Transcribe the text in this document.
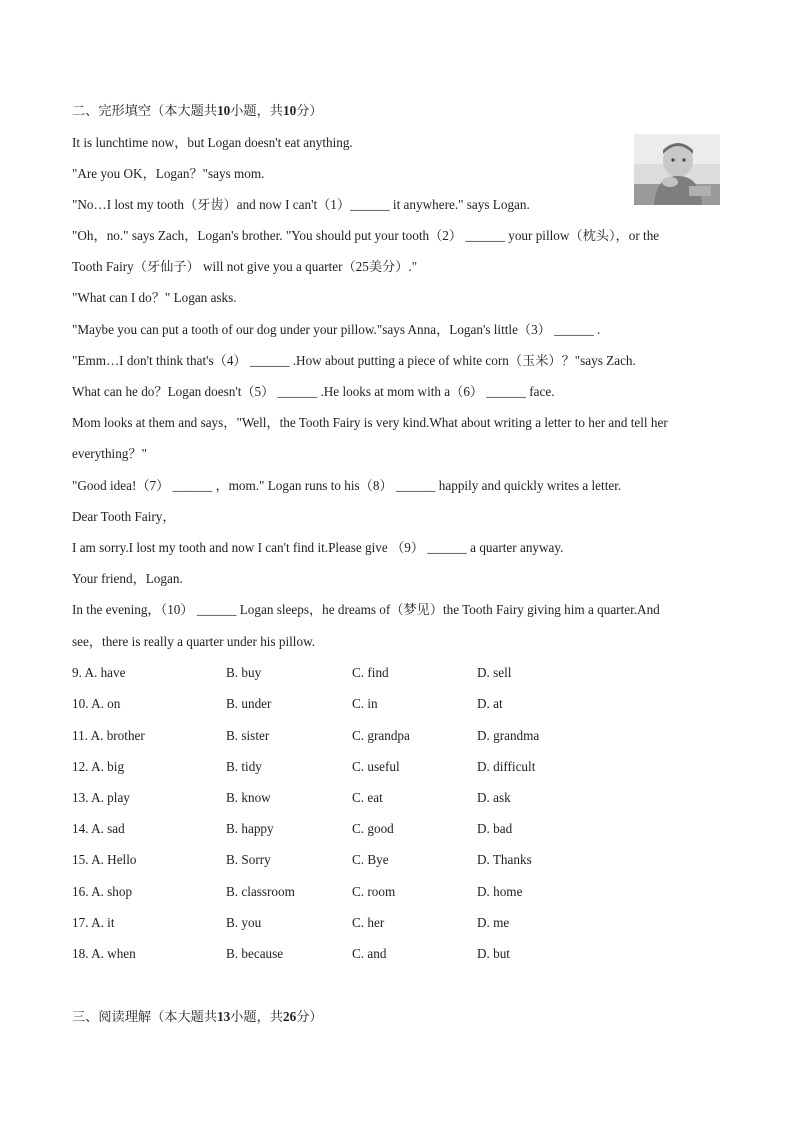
二、完形填空（本大题共10小题，共10分）
It is lunchtime now，but Logan doesn't eat anything.
"Are you OK，Logan？"says mom.
"No…I lost my tooth（牙齿）and now I can't（1）______ it anywhere." says Logan.
"Oh，no." says Zach，Logan's brother. "You should put your tooth（2） ______ your pillow（枕头），or the
Tooth Fairy（牙仙子） will not give you a quarter（25美分）."
"What can I do？" Logan asks.
"Maybe you can put a tooth of our dog under your pillow."says Anna，Logan's little（3） ______ .
"Emm…I don't think that's（4） ______ .How about putting a piece of white corn（玉米）？"says Zach.
What can he do？Logan doesn't（5） ______ .He looks at mom with a（6） ______ face.
Mom looks at them and says，"Well，the Tooth Fairy is very kind.What about writing a letter to her and tell her
everything？"
"Good idea!（7） ______ ，mom." Logan runs to his（8） ______ happily and quickly writes a letter.
Dear Tooth Fairy，
I am sorry.I lost my tooth and now I can't find it.Please give （9） ______ a quarter anyway.
Your friend，Logan.
In the evening，（10） ______ Logan sleeps，he dreams of（梦见）the Tooth Fairy giving him a quarter.And
see，there is really a quarter under his pillow.
9. A. have	B. buy	C. find	D. sell
10. A. on	B. under	C. in	D. at
11. A. brother	B. sister	C. grandpa	D. grandma
12. A. big	B. tidy	C. useful	D. difficult
13. A. play	B. know	C. eat	D. ask
14. A. sad	B. happy	C. good	D. bad
15. A. Hello	B. Sorry	C. Bye	D. Thanks
16. A. shop	B. classroom	C. room	D. home
17. A. it	B. you	C. her	D. me
18. A. when	B. because	C. and	D. but
三、阅读理解（本大题共13小题，共26分）
